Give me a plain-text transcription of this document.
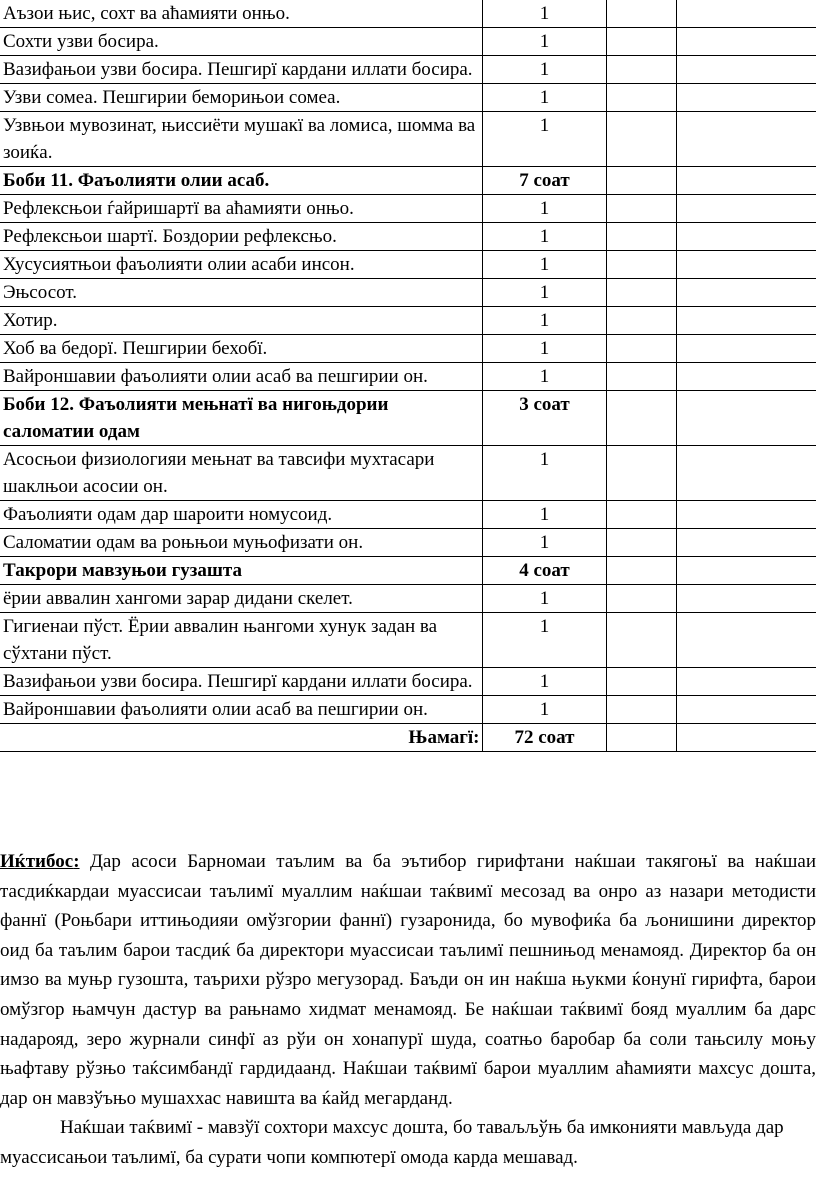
Аъзои њис, сохт ва аћамияти онњо.	1		
Сохти узви босира.	1		
Вазифањои узви босира. Пешгирї кардани иллати босира.	1		
Узви сомеа. Пешгирии беморињои сомеа.	1		
Узвњои мувозинат, њиссиёти мушакї ва ломиса, шомма ва зоиќа.	1		
Боби 11. Фаъолияти олии асаб.	7 соат		
Рефлексњои ѓайришартї ва аћамияти онњо.	1		
Рефлексњои шартї. Боздории рефлексњо.	1		
Хусусиятњои фаъолияти олии асаби инсон.	1		
Эњсосот.	1		
Хотир.	1		
Хоб ва бедорї. Пешгирии бехобї.	1		
Вайроншавии фаъолияти олии асаб ва пешгирии он.	1		
Боби 12. Фаъолияти мењнатї ва нигоњдории саломатии одам	3 соат		
Асосњои физиологияи мењнат ва тавсифи мухтасари шаклњои асосии он.	1		
Фаъолияти одам дар шароити номусоид.	1		
Саломатии одам ва роњњои муњофизати он.	1		
Такрори мавзуњои гузашта	4 соат		
ёрии аввалин хангоми зарар дидани скелет.	1		
Гигиенаи пўст. Ёрии аввалин њангоми хунук задан ва сўхтани пўст.	1		
Вазифањои узви босира. Пешгирї кардани иллати босира.	1		
Вайроншавии фаъолияти олии асаб ва пешгирии он.	1		
Њамагї:	72 соат		

Иќтибос: Дар асоси Барномаи таълим ва ба эътибор гирифтани наќшаи такягоњї ва наќшаи тасдиќкардаи муассисаи таълимї муаллим наќшаи таќвимї месозад ва онро аз назари методисти фаннї (Роњбари иттињодияи омўзгории фаннї) гузаронида, бо мувофиќа ба љонишини директор оид ба таълим барои тасдиќ ба директори муассисаи таълимї пешнињод менамояд. Директор ба он имзо ва муњр гузошта, таърихи рўзро мегузорад. Баъди он ин наќша њукми ќонунї гирифта, барои омўзгор њамчун дастур ва рањнамо хидмат менамояд. Бе наќшаи таќвимї бояд муаллим ба дарс надарояд, зеро журнали синфї аз рўи он хонапурї шуда, соатњо баробар ба соли тањсилу моњу њафтаву рўзњо таќсимбандї гардидаанд. Наќшаи таќвимї барои муаллим аћамияти махсус дошта, дар он мавзўъњо мушаххас навишта ва ќайд мегарданд.

Наќшаи таќвимї - мавзўї сохтори махсус дошта, бо таваљљўњ ба имконияти мављуда дар муассисањои таълимї, ба сурати чопи компютерї омода карда мешавад.
